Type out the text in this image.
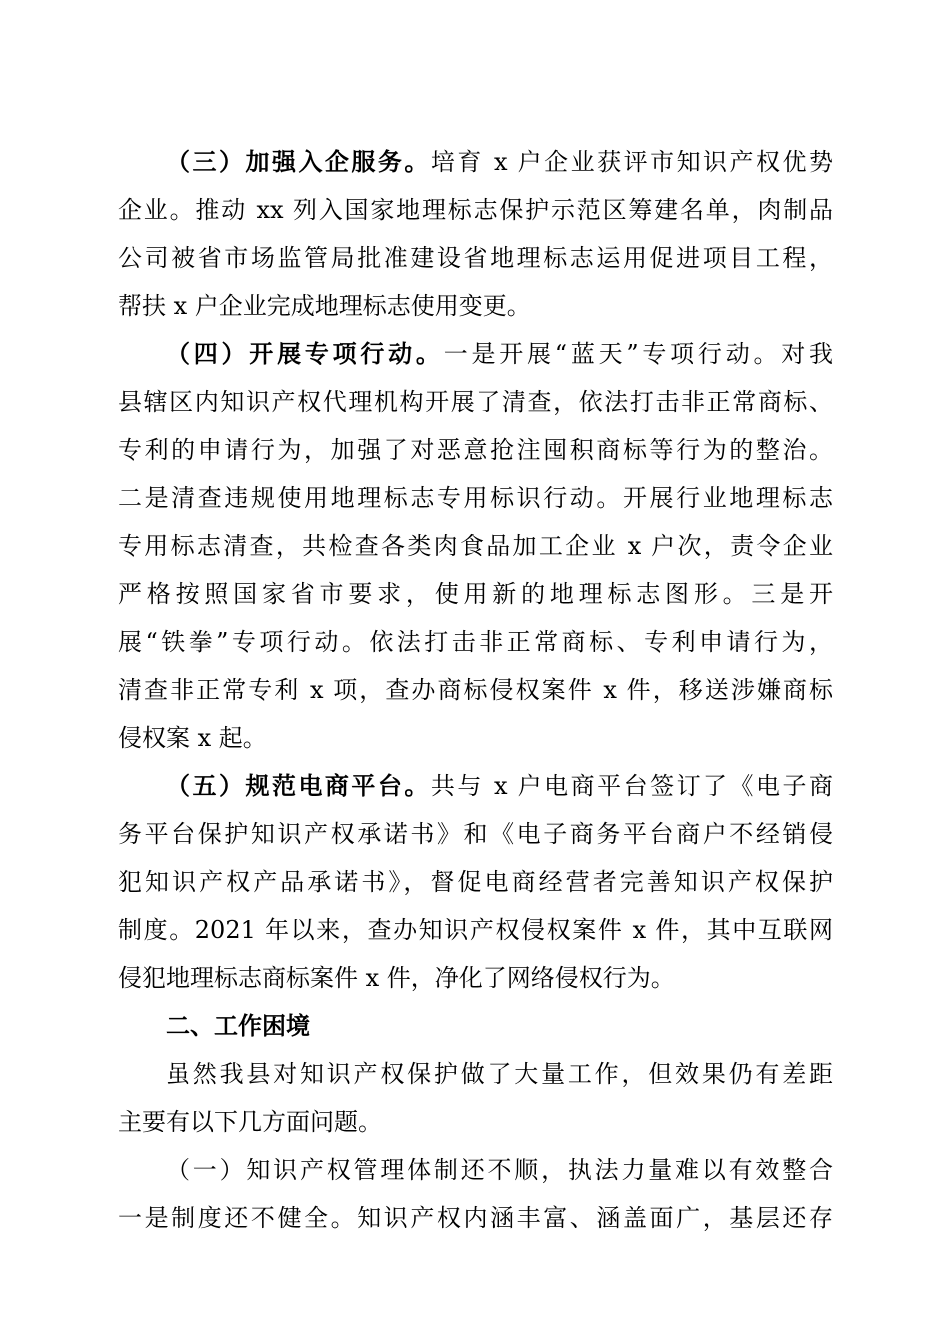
（三）加强入企服务。培育 x 户企业获评市知识产权优势
企业。推动 xx 列入国家地理标志保护示范区筹建名单，肉制品
公司被省市场监管局批准建设省地理标志运用促进项目工程，
帮扶 x 户企业完成地理标志使用变更。
（四）开展专项行动。一是开展“蓝天”专项行动。对我
县辖区内知识产权代理机构开展了清查，依法打击非正常商标、
专利的申请行为，加强了对恶意抢注囤积商标等行为的整治。
二是清查违规使用地理标志专用标识行动。开展行业地理标志
专用标志清查，共检查各类肉食品加工企业 x 户次，责令企业
严格按照国家省市要求，使用新的地理标志图形。三是开
展“铁拳”专项行动。依法打击非正常商标、专利申请行为，
清查非正常专利 x 项，查办商标侵权案件 x 件，移送涉嫌商标
侵权案 x 起。
（五）规范电商平台。共与 x 户电商平台签订了《电子商
务平台保护知识产权承诺书》和《电子商务平台商户不经销侵
犯知识产权产品承诺书》，督促电商经营者完善知识产权保护
制度。2021 年以来，查办知识产权侵权案件 x 件，其中互联网
侵犯地理标志商标案件 x 件，净化了网络侵权行为。
二、工作困境
虽然我县对知识产权保护做了大量工作，但效果仍有差距
主要有以下几方面问题。
（一）知识产权管理体制还不顺，执法力量难以有效整合
一是制度还不健全。知识产权内涵丰富、涵盖面广，基层还存
